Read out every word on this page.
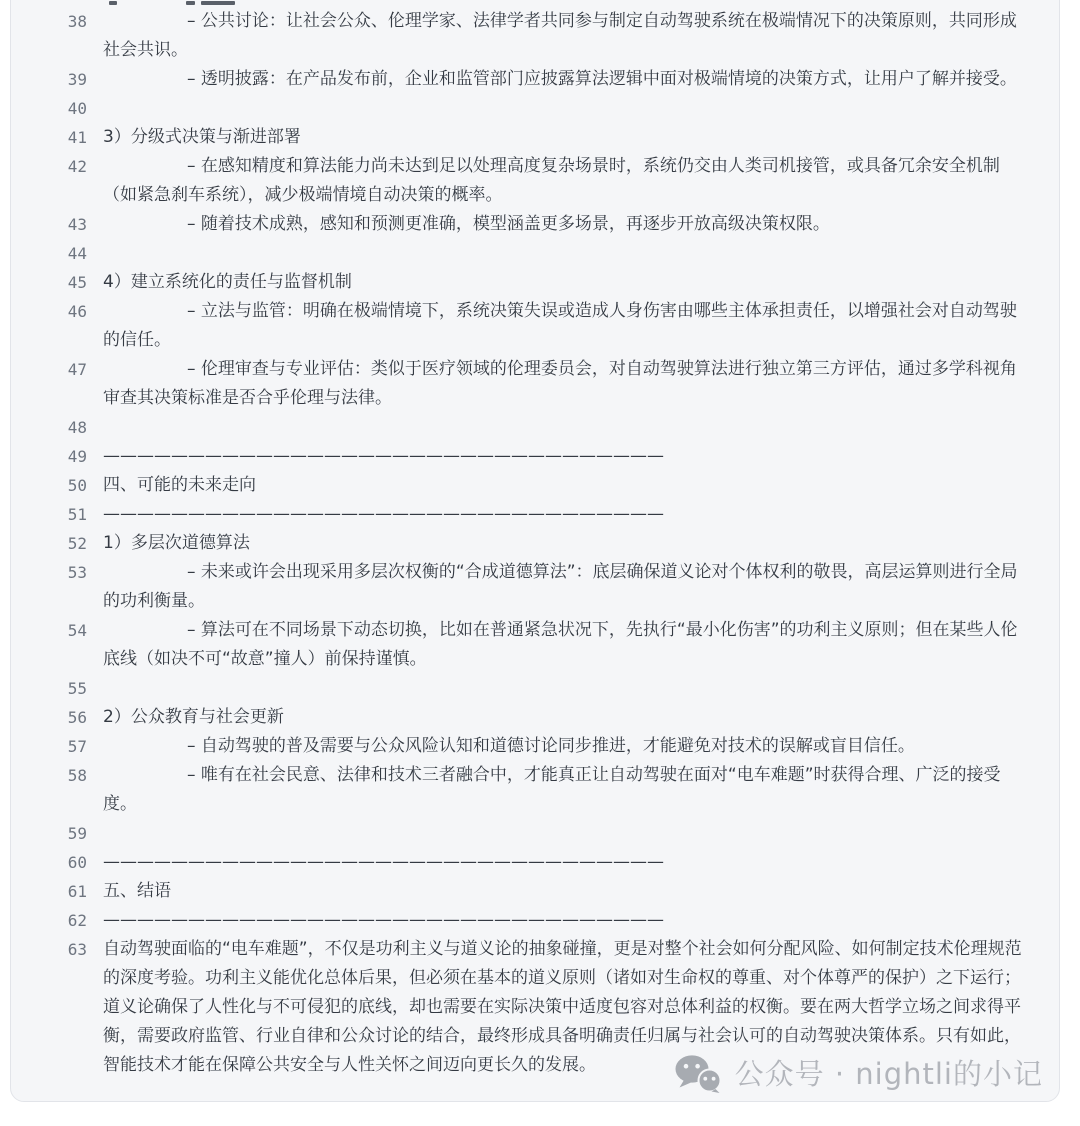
38	– 公共讨论：让社会公众、伦理学家、法律学者共同参与制定自动驾驶系统在极端情况下的决策原则，共同形成社会共识。
39	– 透明披露：在产品发布前，企业和监管部门应披露算法逻辑中面对极端情境的决策方式，让用户了解并接受。
40
41 3）分级式决策与渐进部署
42	– 在感知精度和算法能力尚未达到足以处理高度复杂场景时，系统仍交由人类司机接管，或具备冗余安全机制（如紧急刹车系统），减少极端情境自动决策的概率。
43	– 随着技术成熟，感知和预测更准确，模型涵盖更多场景，再逐步开放高级决策权限。
44
45 4）建立系统化的责任与监督机制
46	– 立法与监管：明确在极端情境下，系统决策失误或造成人身伤害由哪些主体承担责任，以增强社会对自动驾驶的信任。
47	– 伦理审查与专业评估：类似于医疗领域的伦理委员会，对自动驾驶算法进行独立第三方评估，通过多学科视角审查其决策标准是否合乎伦理与法律。
48
49 —————————————————————————————————
50 四、可能的未来走向
51 —————————————————————————————————
52 1）多层次道德算法
53	– 未来或许会出现采用多层次权衡的“合成道德算法”：底层确保道义论对个体权利的敬畏，高层运算则进行全局的功利衡量。
54	– 算法可在不同场景下动态切换，比如在普通紧急状况下，先执行“最小化伤害”的功利主义原则；但在某些人伦底线（如决不可“故意”撞人）前保持谨慎。
55
56 2）公众教育与社会更新
57	– 自动驾驶的普及需要与公众风险认知和道德讨论同步推进，才能避免对技术的误解或盲目信任。
58	– 唯有在社会民意、法律和技术三者融合中，才能真正让自动驾驶在面对“电车难题”时获得合理、广泛的接受度。
59
60 —————————————————————————————————
61 五、结语
62 —————————————————————————————————
63 自动驾驶面临的“电车难题”，不仅是功利主义与道义论的抽象碰撞，更是对整个社会如何分配风险、如何制定技术伦理规范的深度考验。功利主义能优化总体后果，但必须在基本的道义原则（诸如对生命权的尊重、对个体尊严的保护）之下运行；道义论确保了人性化与不可侵犯的底线，却也需要在实际决策中适度包容对总体利益的权衡。要在两大哲学立场之间求得平衡，需要政府监管、行业自律和公众讨论的结合，最终形成具备明确责任归属与社会认可的自动驾驶决策体系。只有如此，智能技术才能在保障公共安全与人性关怀之间迈向更长久的发展。	公众号 · nightli的小记
